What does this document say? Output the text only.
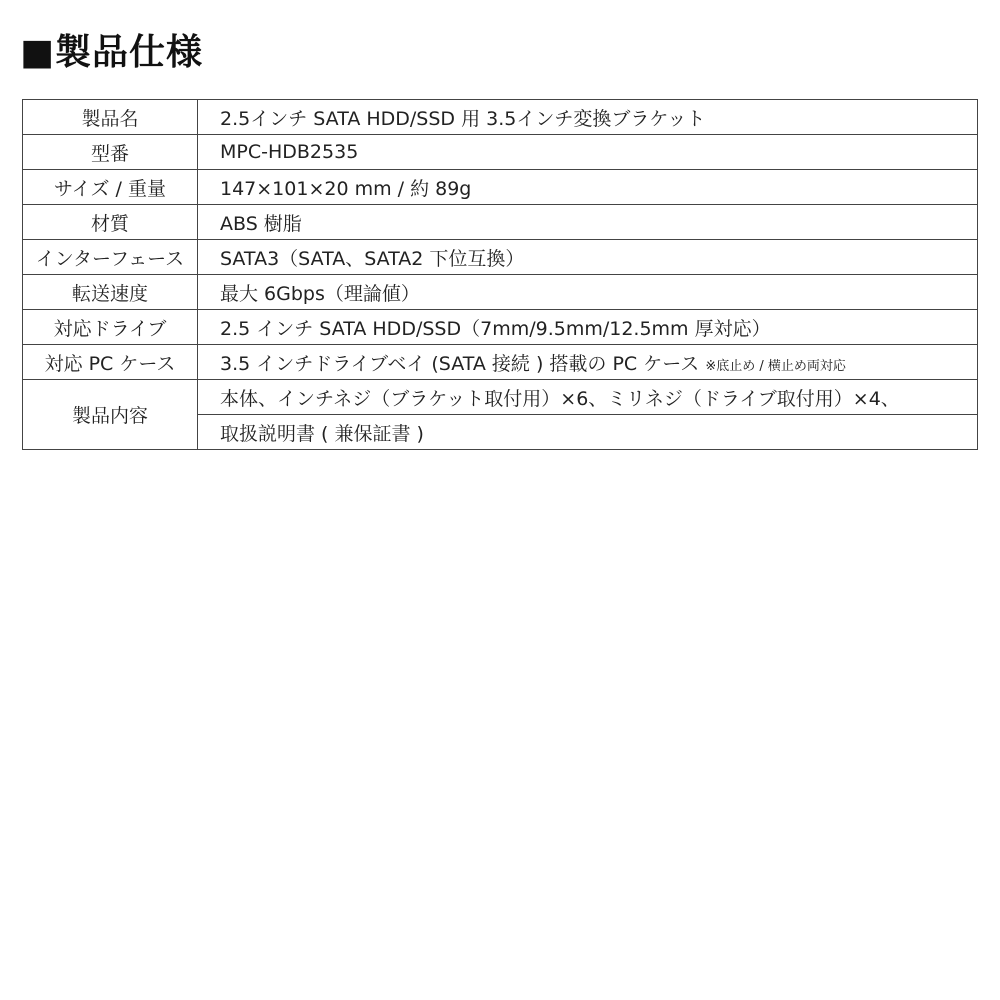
■製品仕様
製品名	2.5インチ SATA HDD/SSD 用 3.5インチ変換ブラケット
型番	MPC-HDB2535
サイズ / 重量	147×101×20 mm / 約 89g
材質	ABS 樹脂
インターフェース	SATA3（SATA、SATA2 下位互換）
転送速度	最大 6Gbps（理論値）
対応ドライブ	2.5 インチ SATA HDD/SSD（7mm/9.5mm/12.5mm 厚対応）
対応 PC ケース	3.5 インチドライブベイ (SATA 接続 ) 搭載の PC ケース ※底止め / 横止め両対応
製品内容	本体、インチネジ（ブラケット取付用）×6、ミリネジ（ドライブ取付用）×4、
	取扱説明書 ( 兼保証書 )
